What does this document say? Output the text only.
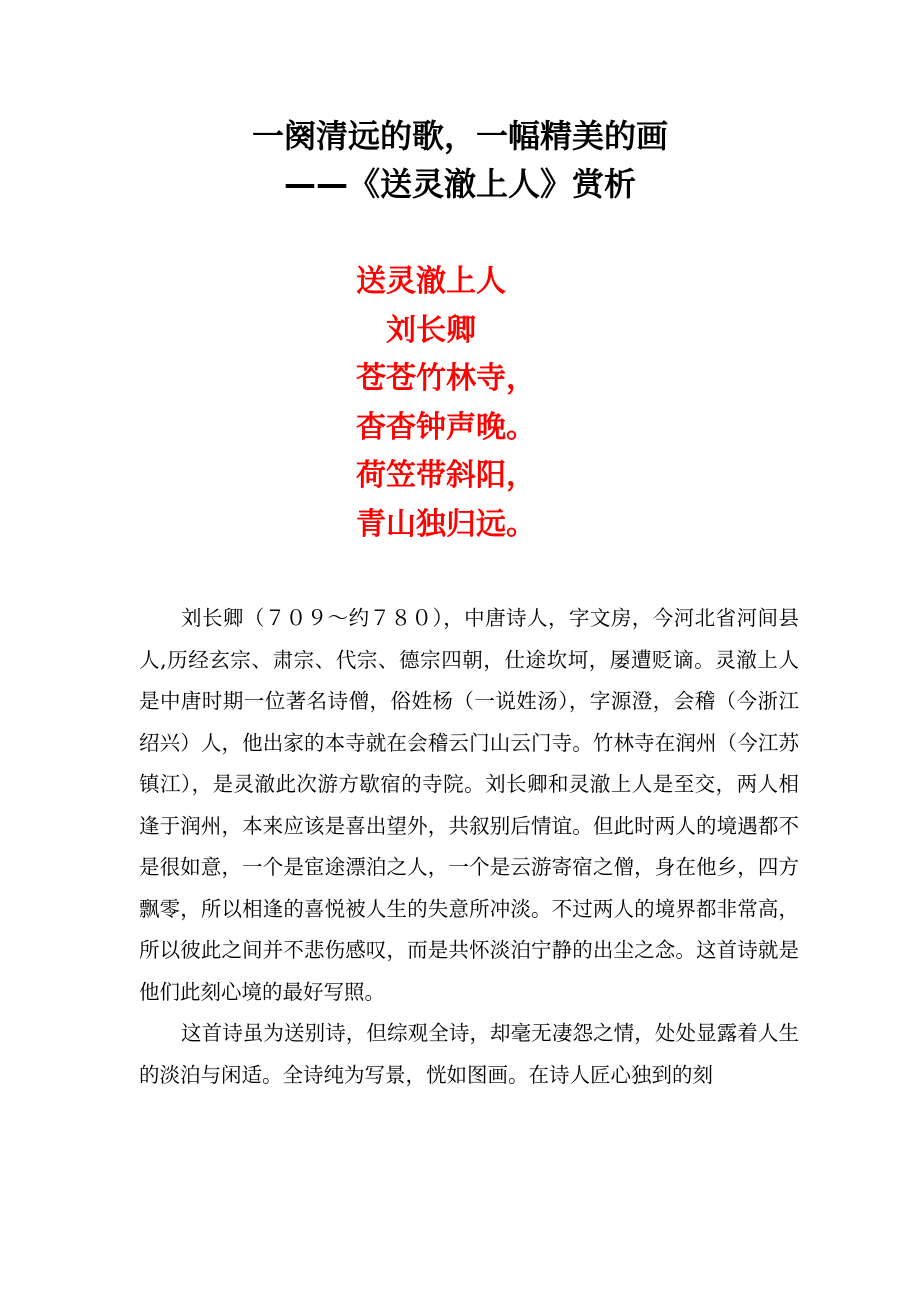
一阕清远的歌，一幅精美的画
——《送灵澈上人》赏析
送灵澈上人
刘长卿
苍苍竹林寺，
杳杳钟声晚。
荷笠带斜阳，
青山独归远。

刘长卿（７０９～约７８０），中唐诗人，字文房，今河北省河间县人,历经玄宗、肃宗、代宗、德宗四朝，仕途坎坷，屡遭贬谪。灵澈上人是中唐时期一位著名诗僧，俗姓杨（一说姓汤），字源澄，会稽（今浙江绍兴）人，他出家的本寺就在会稽云门山云门寺。竹林寺在润州（今江苏镇江），是灵澈此次游方歇宿的寺院。刘长卿和灵澈上人是至交，两人相逢于润州，本来应该是喜出望外，共叙别后情谊。但此时两人的境遇都不是很如意，一个是宦途漂泊之人，一个是云游寄宿之僧，身在他乡，四方飘零，所以相逢的喜悦被人生的失意所冲淡。不过两人的境界都非常高，所以彼此之间并不悲伤感叹，而是共怀淡泊宁静的出尘之念。这首诗就是他们此刻心境的最好写照。

这首诗虽为送别诗，但综观全诗，却毫无凄怨之情，处处显露着人生的淡泊与闲适。全诗纯为写景，恍如图画。在诗人匠心独到的刻
